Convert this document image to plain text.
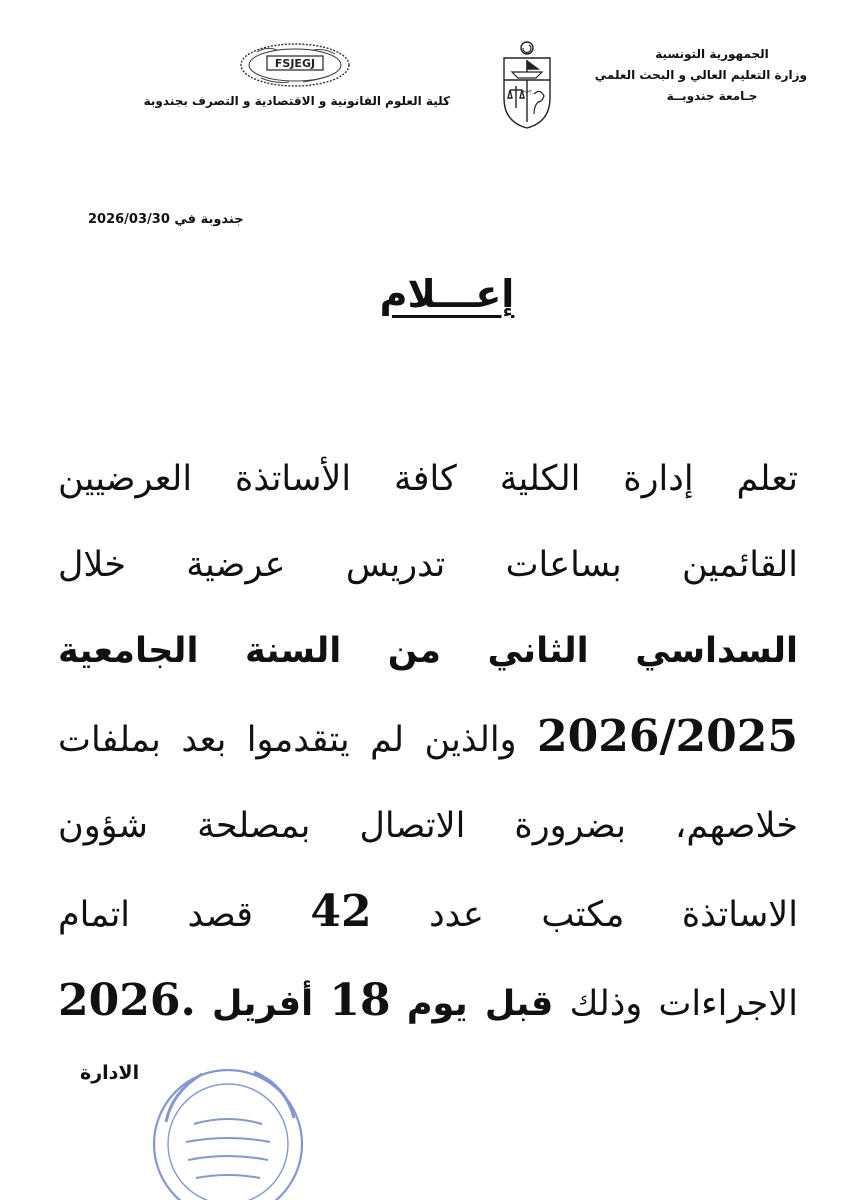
الجمهورية التونسية
وزارة التعليم العالي و البحث العلمي
جـامعة جندوبــة
حرية
FSJEGJ
كلية العلوم القانونية و الاقتصادية و التصرف بجندوبة
جندوبة في 2026/03/30
إعـــلام
تعلم إدارة الكلية كافة الأساتذة العرضيين
القائمين بساعات تدريس عرضية خلال
السداسي الثاني من السنة الجامعية
2026/2025 والذين لم يتقدموا بعد بملفات
خلاصهم، بضرورة الاتصال بمصلحة شؤون
الاساتذة مكتب عدد 42 قصد اتمام
الاجراءات وذلك قبل يوم 18 أفريل 2026.
الادارة
